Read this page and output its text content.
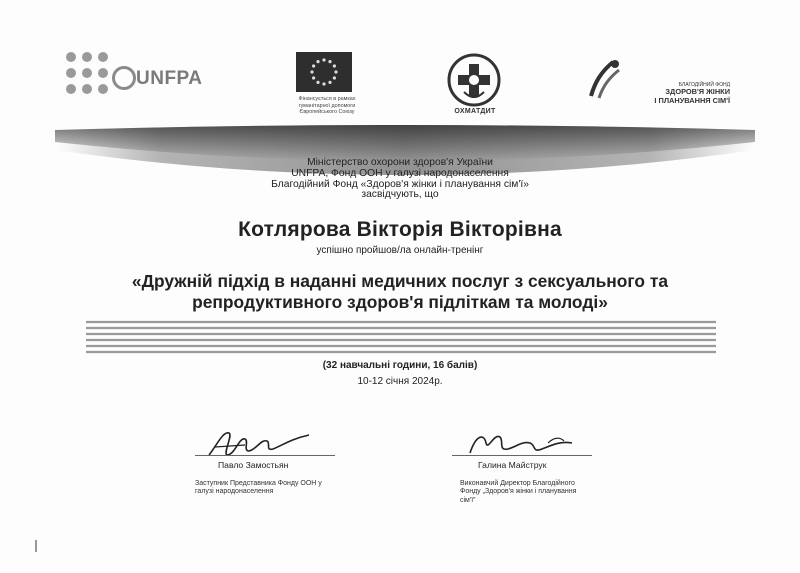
UNFPA
Фінансується в рамках
гуманітарної допомоги
Європейського Союзу	ОХМАТДИТ
БЛАГОДІЙНИЙ ФОНД
ЗДОРОВ'Я ЖІНКИ
І ПЛАНУВАННЯ СІМ'Ї
Міністерство охорони здоров'я України
UNFPA, Фонд ООН у галузі народонаселення
Благодійний Фонд «Здоров'я жінки і планування сім'ї»
засвідчують, що
Котлярова Вікторія Вікторівна
успішно пройшов/ла онлайн-тренінг
«Дружній підхід в наданні медичних послуг з сексуального та
репродуктивного здоров'я підліткам та молоді»
(32 навчальні години, 16 балів)
10-12 січня 2024р.
Павло Замостьян
Заступник Представника Фонду ООН у
галузі народонаселення
Галина Майструк
Виконавчий Директор Благодійного
Фонду „Здоров'я жінки і планування
сім'ї”
